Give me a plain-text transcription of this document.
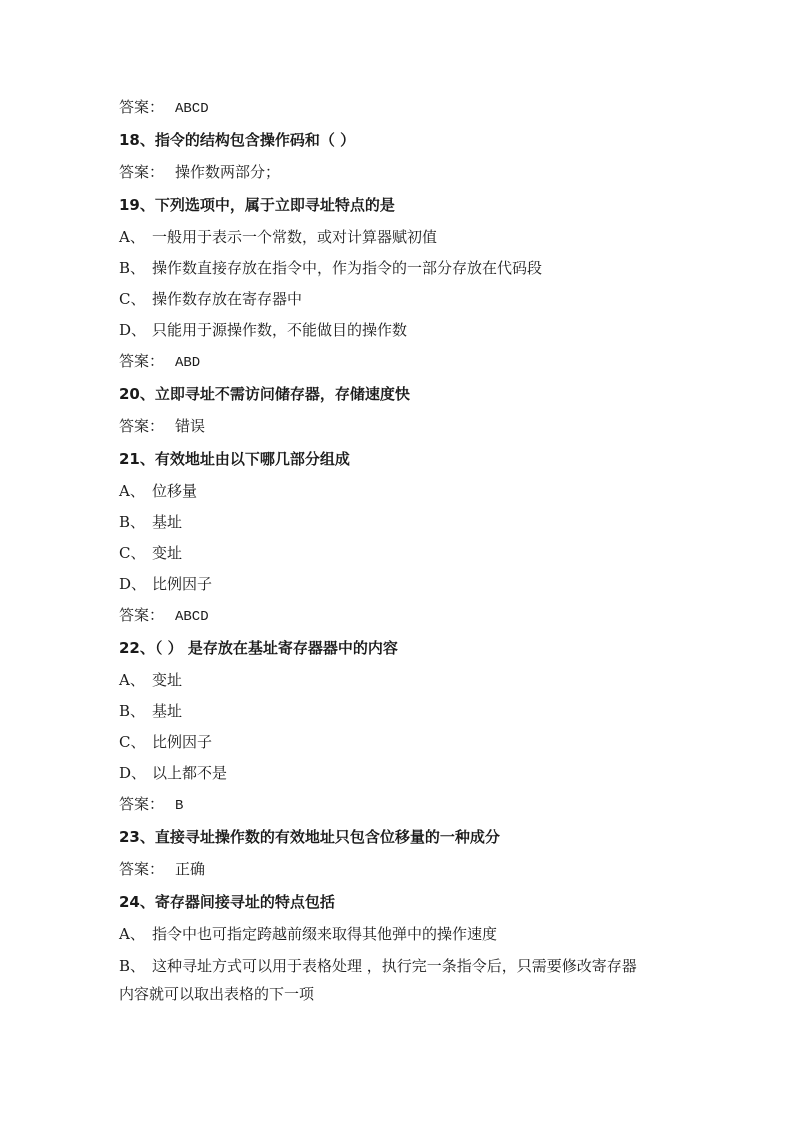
答案： ABCD
18、指令的结构包含操作码和（ ）
答案： 操作数两部分；
19、下列选项中，属于立即寻址特点的是
A、 一般用于表示一个常数，或对计算器赋初值
B、 操作数直接存放在指令中，作为指令的一部分存放在代码段
C、 操作数存放在寄存器中
D、 只能用于源操作数，不能做目的操作数
答案： ABD
20、立即寻址不需访问储存器，存储速度快
答案： 错误
21、有效地址由以下哪几部分组成
A、 位移量
B、 基址
C、 变址
D、 比例因子
答案： ABCD
22、（ ） 是存放在基址寄存器器中的内容
A、 变址
B、 基址
C、 比例因子
D、 以上都不是
答案： B
23、直接寻址操作数的有效地址只包含位移量的一种成分
答案： 正确
24、寄存器间接寻址的特点包括
A、 指令中也可指定跨越前缀来取得其他弹中的操作速度
B、 这种寻址方式可以用于表格处理 ，执行完一条指令后，只需要修改寄存器
内容就可以取出表格的下一项
